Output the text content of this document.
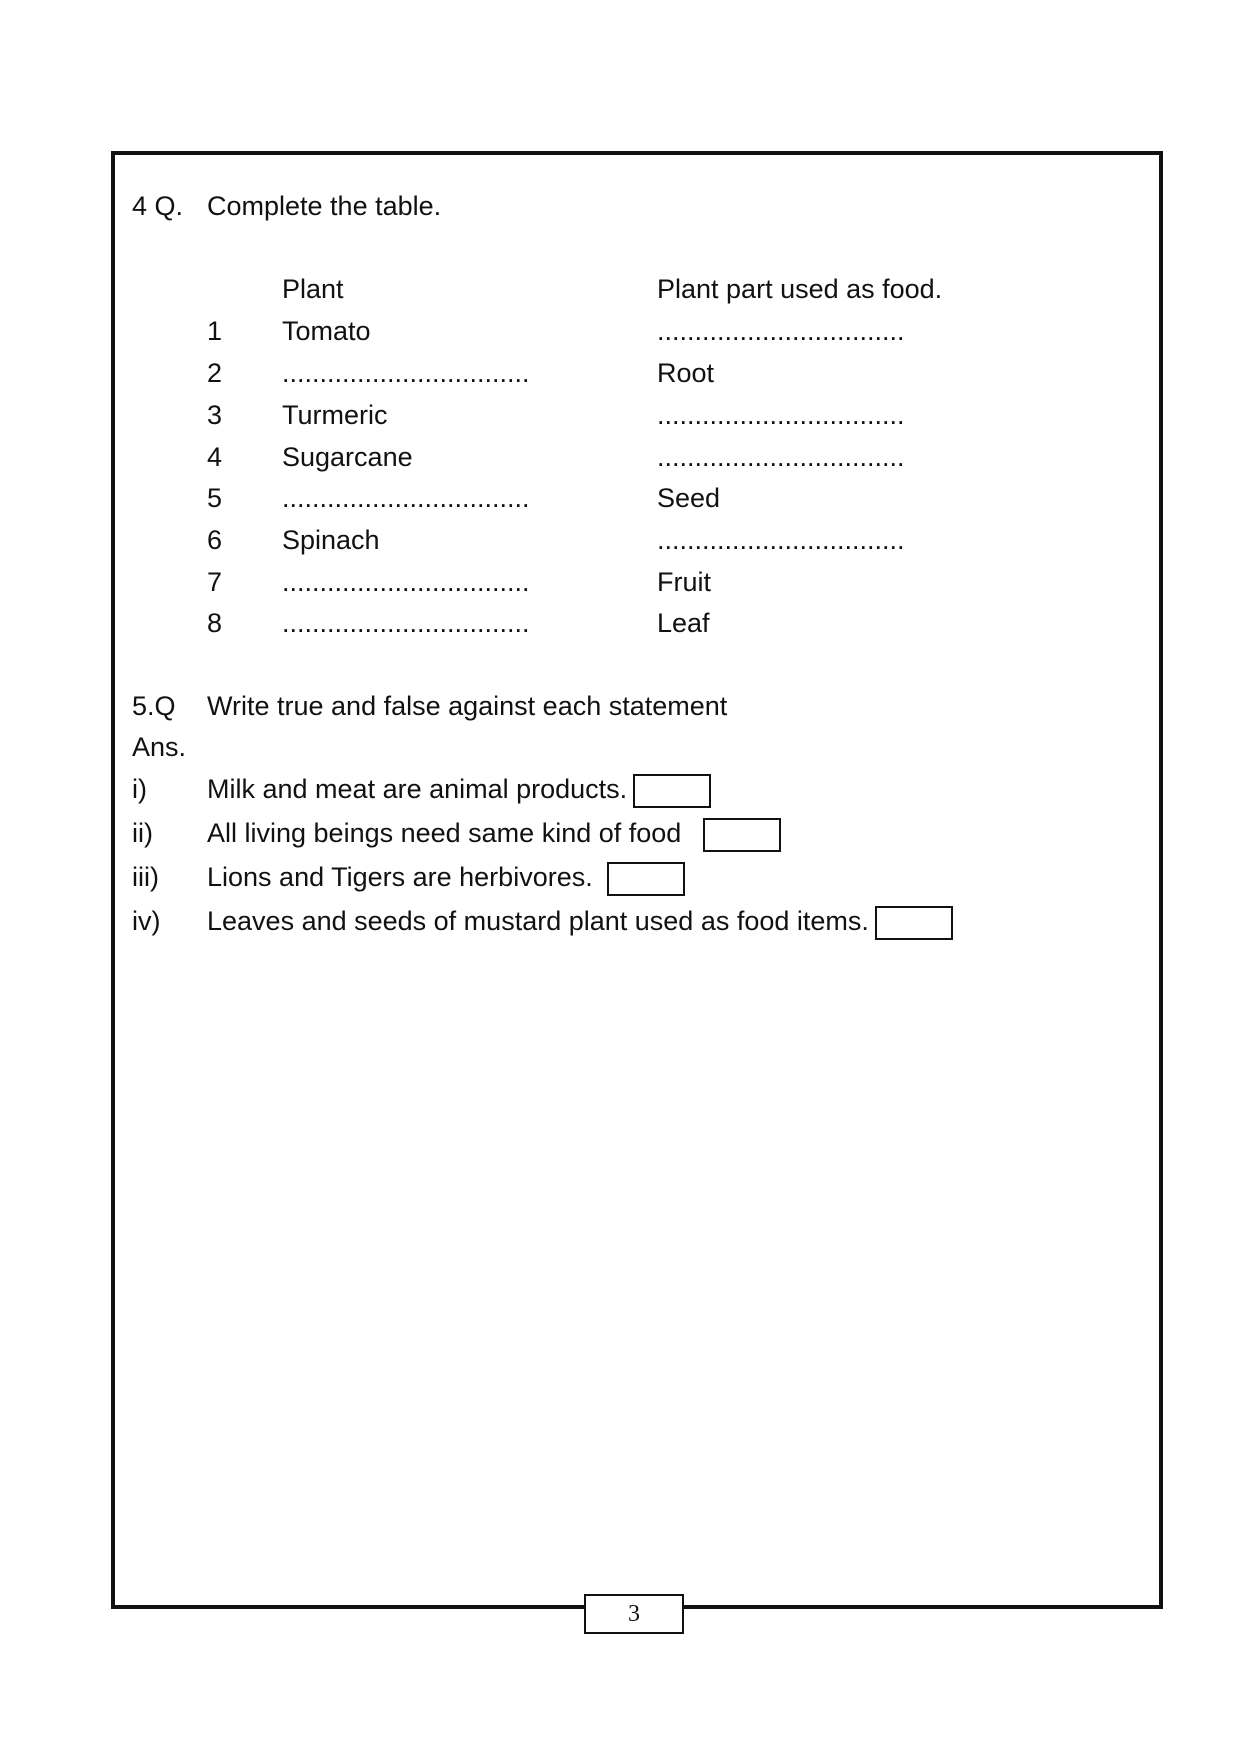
4 Q. Complete the table.
Plant	Plant part used as food.
1 Tomato	.................................
2 .................................	Root
3 Turmeric	.................................
4 Sugarcane	.................................
5 .................................	Seed
6 Spinach	.................................
7 .................................	Fruit
8 .................................	Leaf
5.Q Write true and false against each statement
Ans.
i) Milk and meat are animal products.
ii) All living beings need same kind of food
iii) Lions and Tigers are herbivores.
iv) Leaves and seeds of mustard plant used as food items.
3
